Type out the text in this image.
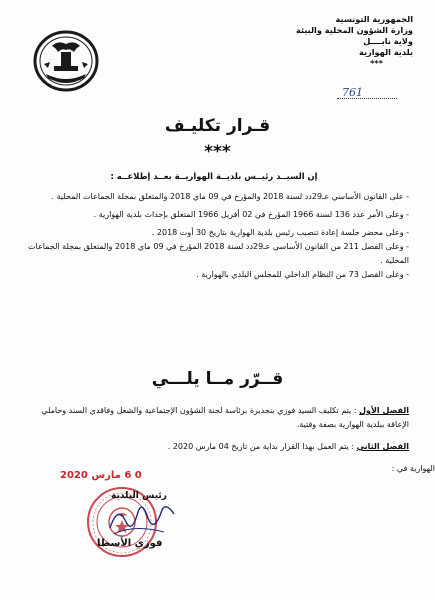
الجمهورية التونسية
وزارة الشؤون المحلية والبيئة
ولاية نابــــل
بلدية الهوارية
***
761
قـرار تكليـف
***
إن السيــد رئيــس بلديــة الهواريــة بعــد إطلاعــه :

- على القانون الأساسي عـ29دد لسنة 2018 والمؤرخ في 09 ماي 2018 والمتعلق بمجلة الجماعات المحلية .

- وعلى الأمر عدد 136 لسنة 1966 المؤرخ في 02 أفريل 1966 المتعلق بإحداث بلدية الهوارية .

- وعلى محضر جلسة إعادة تنصيب رئيس بلدية الهوارية بتاريخ 30 أوت 2018 .

- وعلى الفصل 211 من القانون الأساسي عـ29دد لسنة 2018 المؤرخ في 09 ماي 2018 والمتعلق بمجلة الجماعات المحلية .

- وعلى الفصل 73 من النظام الداخلي للمجلس البلدي بالهوارية .

قــرّر مــا يلـــي

الفصل الأول : يتم تكليف السيد فوزي بنجديرة برئاسة لجنة الشؤون الإجتماعية والشغل وفاقدي السند وحاملي الإعاقة ببلدية الهوارية بصفة وقتية.

الفصل الثاني : يتم العمل بهذا القرار بداية من تاريخ 04 مارس 2020 .

الهوارية في :
0 6 مارس 2020
رئيس البلدية
فوزي الأسطا
